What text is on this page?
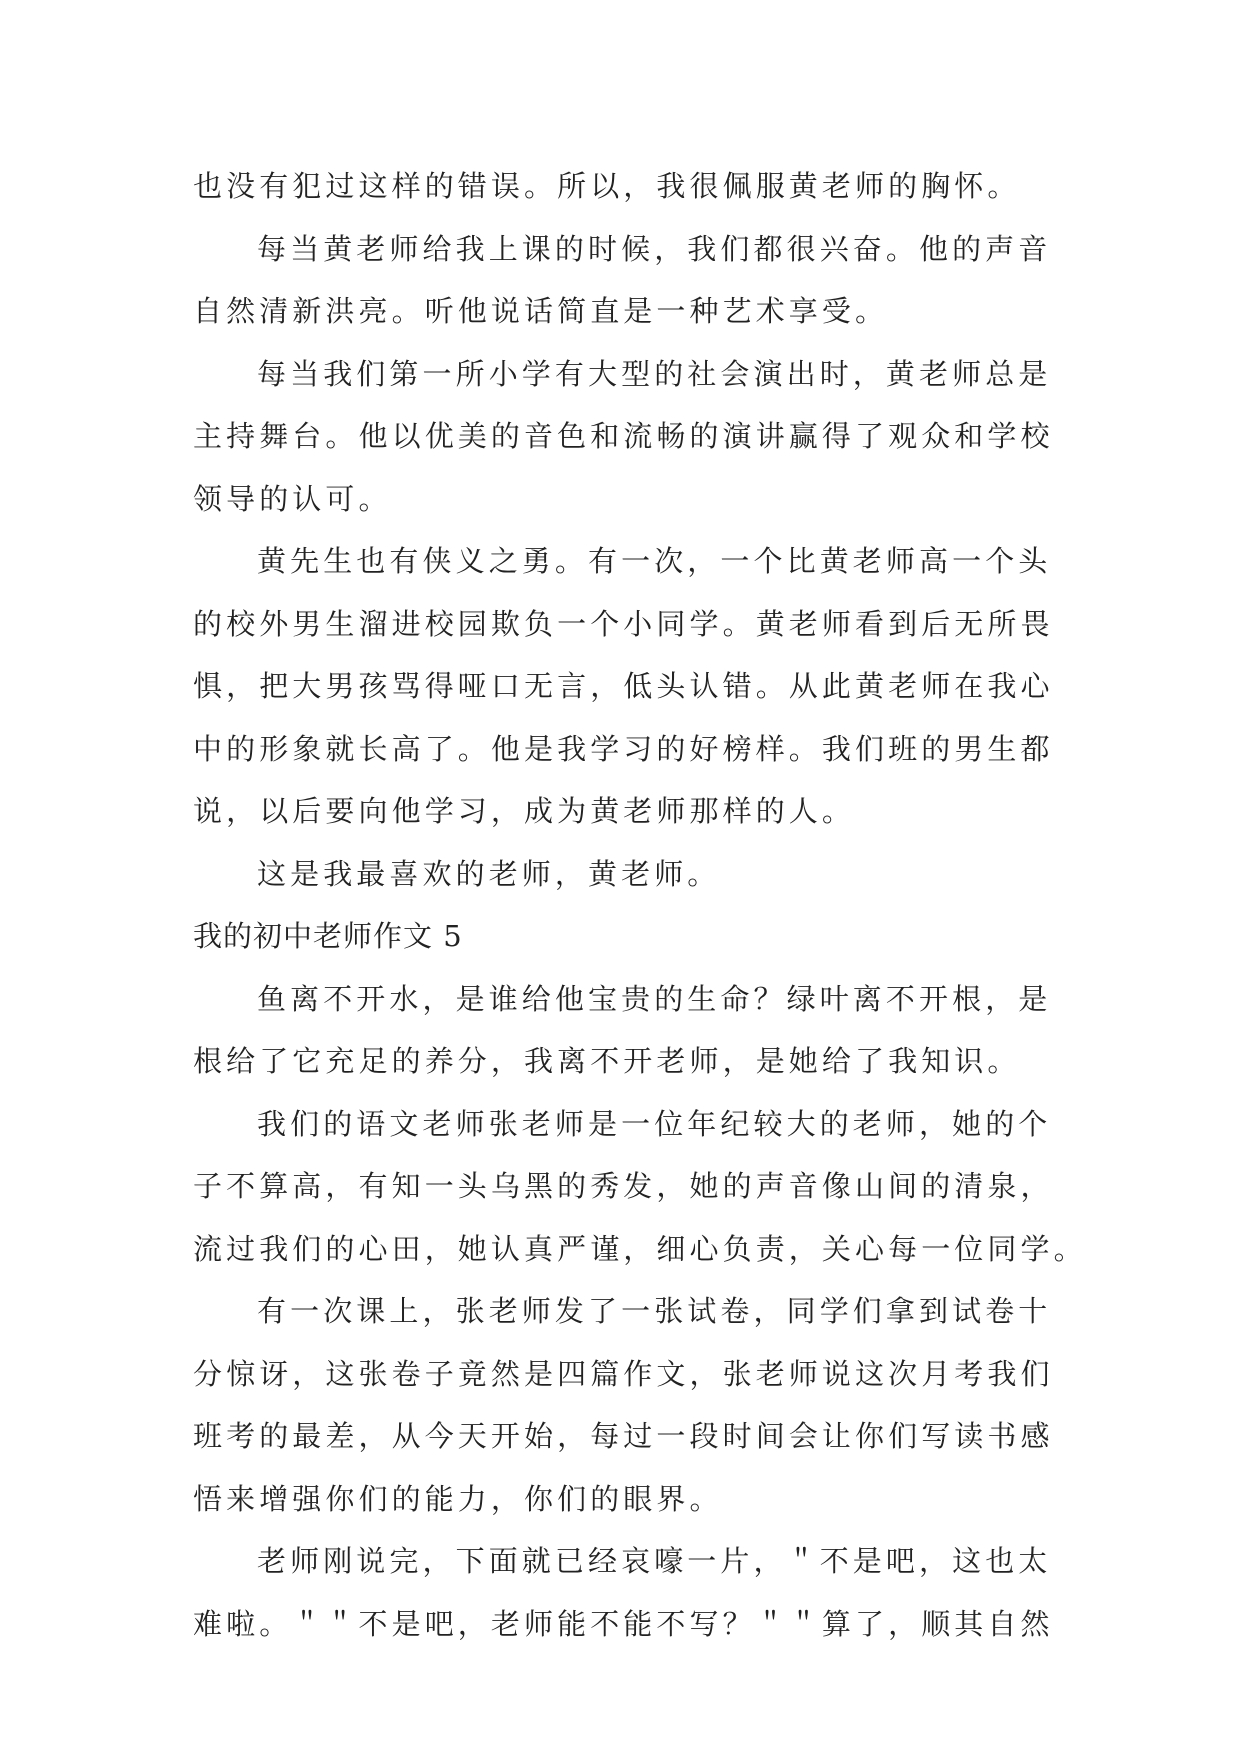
也没有犯过这样的错误。所以，我很佩服黄老师的胸怀。
每当黄老师给我上课的时候，我们都很兴奋。他的声音
自然清新洪亮。听他说话简直是一种艺术享受。
每当我们第一所小学有大型的社会演出时，黄老师总是
主持舞台。他以优美的音色和流畅的演讲赢得了观众和学校
领导的认可。
黄先生也有侠义之勇。有一次，一个比黄老师高一个头
的校外男生溜进校园欺负一个小同学。黄老师看到后无所畏
惧，把大男孩骂得哑口无言，低头认错。从此黄老师在我心
中的形象就长高了。他是我学习的好榜样。我们班的男生都
说，以后要向他学习，成为黄老师那样的人。
这是我最喜欢的老师，黄老师。
我的初中老师作文 5
鱼离不开水，是谁给他宝贵的生命？绿叶离不开根，是
根给了它充足的养分，我离不开老师，是她给了我知识。
我们的语文老师张老师是一位年纪较大的老师，她的个
子不算高，有知一头乌黑的秀发，她的声音像山间的清泉，
流过我们的心田，她认真严谨，细心负责，关心每一位同学。
有一次课上，张老师发了一张试卷，同学们拿到试卷十
分惊讶，这张卷子竟然是四篇作文，张老师说这次月考我们
班考的最差，从今天开始，每过一段时间会让你们写读书感
悟来增强你们的能力，你们的眼界。
老师刚说完，下面就已经哀嚎一片，＂不是吧，这也太
难啦。＂＂不是吧，老师能不能不写？＂＂算了，顺其自然
